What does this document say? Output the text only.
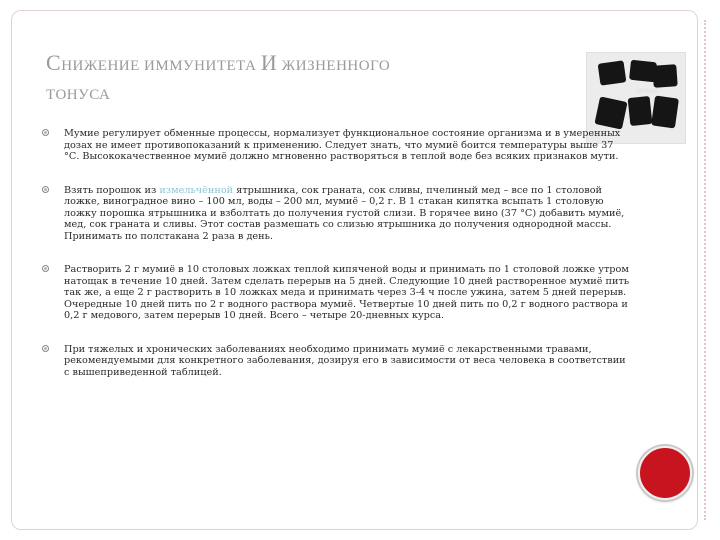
СНИЖЕНИЕ ИММУНИТЕТА И ЖИЗНЕННОГО
ТОНУСА	МУМИЁ
Мумие регулирует обменные процессы, нормализует функциональное состояние организма и в умеренных дозах не имеет противопоказаний к применению. Следует знать, что мумиё боится температуры выше 37 °С. Высококачественное мумиё должно мгновенно растворяться в теплой воде без всяких признаков мути.
Взять порошок из измельчённой ятрышника, сок граната, сок сливы, пчелиный мед – все по 1 столовой ложке, виноградное вино – 100 мл, воды – 200 мл, мумиё – 0,2 г. В 1 стакан кипятка всыпать 1 столовую ложку порошка ятрышника и взболтать до получения густой слизи. В горячее вино (37 °С) добавить мумиё, мед, сок граната и сливы. Этот состав размешать со слизью ятрышника до получения однородной массы. Принимать по полстакана 2 раза в день.
Растворить 2 г мумиё в 10 столовых ложках теплой кипяченой воды и принимать по 1 столовой ложке утром натощак в течение 10 дней. Затем сделать перерыв на 5 дней. Следующие 10 дней растворенное мумиё пить так же, а еще 2 г растворить в 10 ложках меда и принимать через 3-4 ч после ужина, затем 5 дней перерыв. Очередные 10 дней пить по 2 г водного раствора мумиё. Четвертые 10 дней пить по 0,2 г водного раствора и 0,2 г медового, затем перерыв 10 дней. Всего – четыре 20-дневных курса.
При тяжелых и хронических заболеваниях необходимо принимать мумиё с лекарственными травами, рекомендуемыми для конкретного заболевания, дозируя его в зависимости от веса человека в соответствии с вышеприведенной таблицей.
